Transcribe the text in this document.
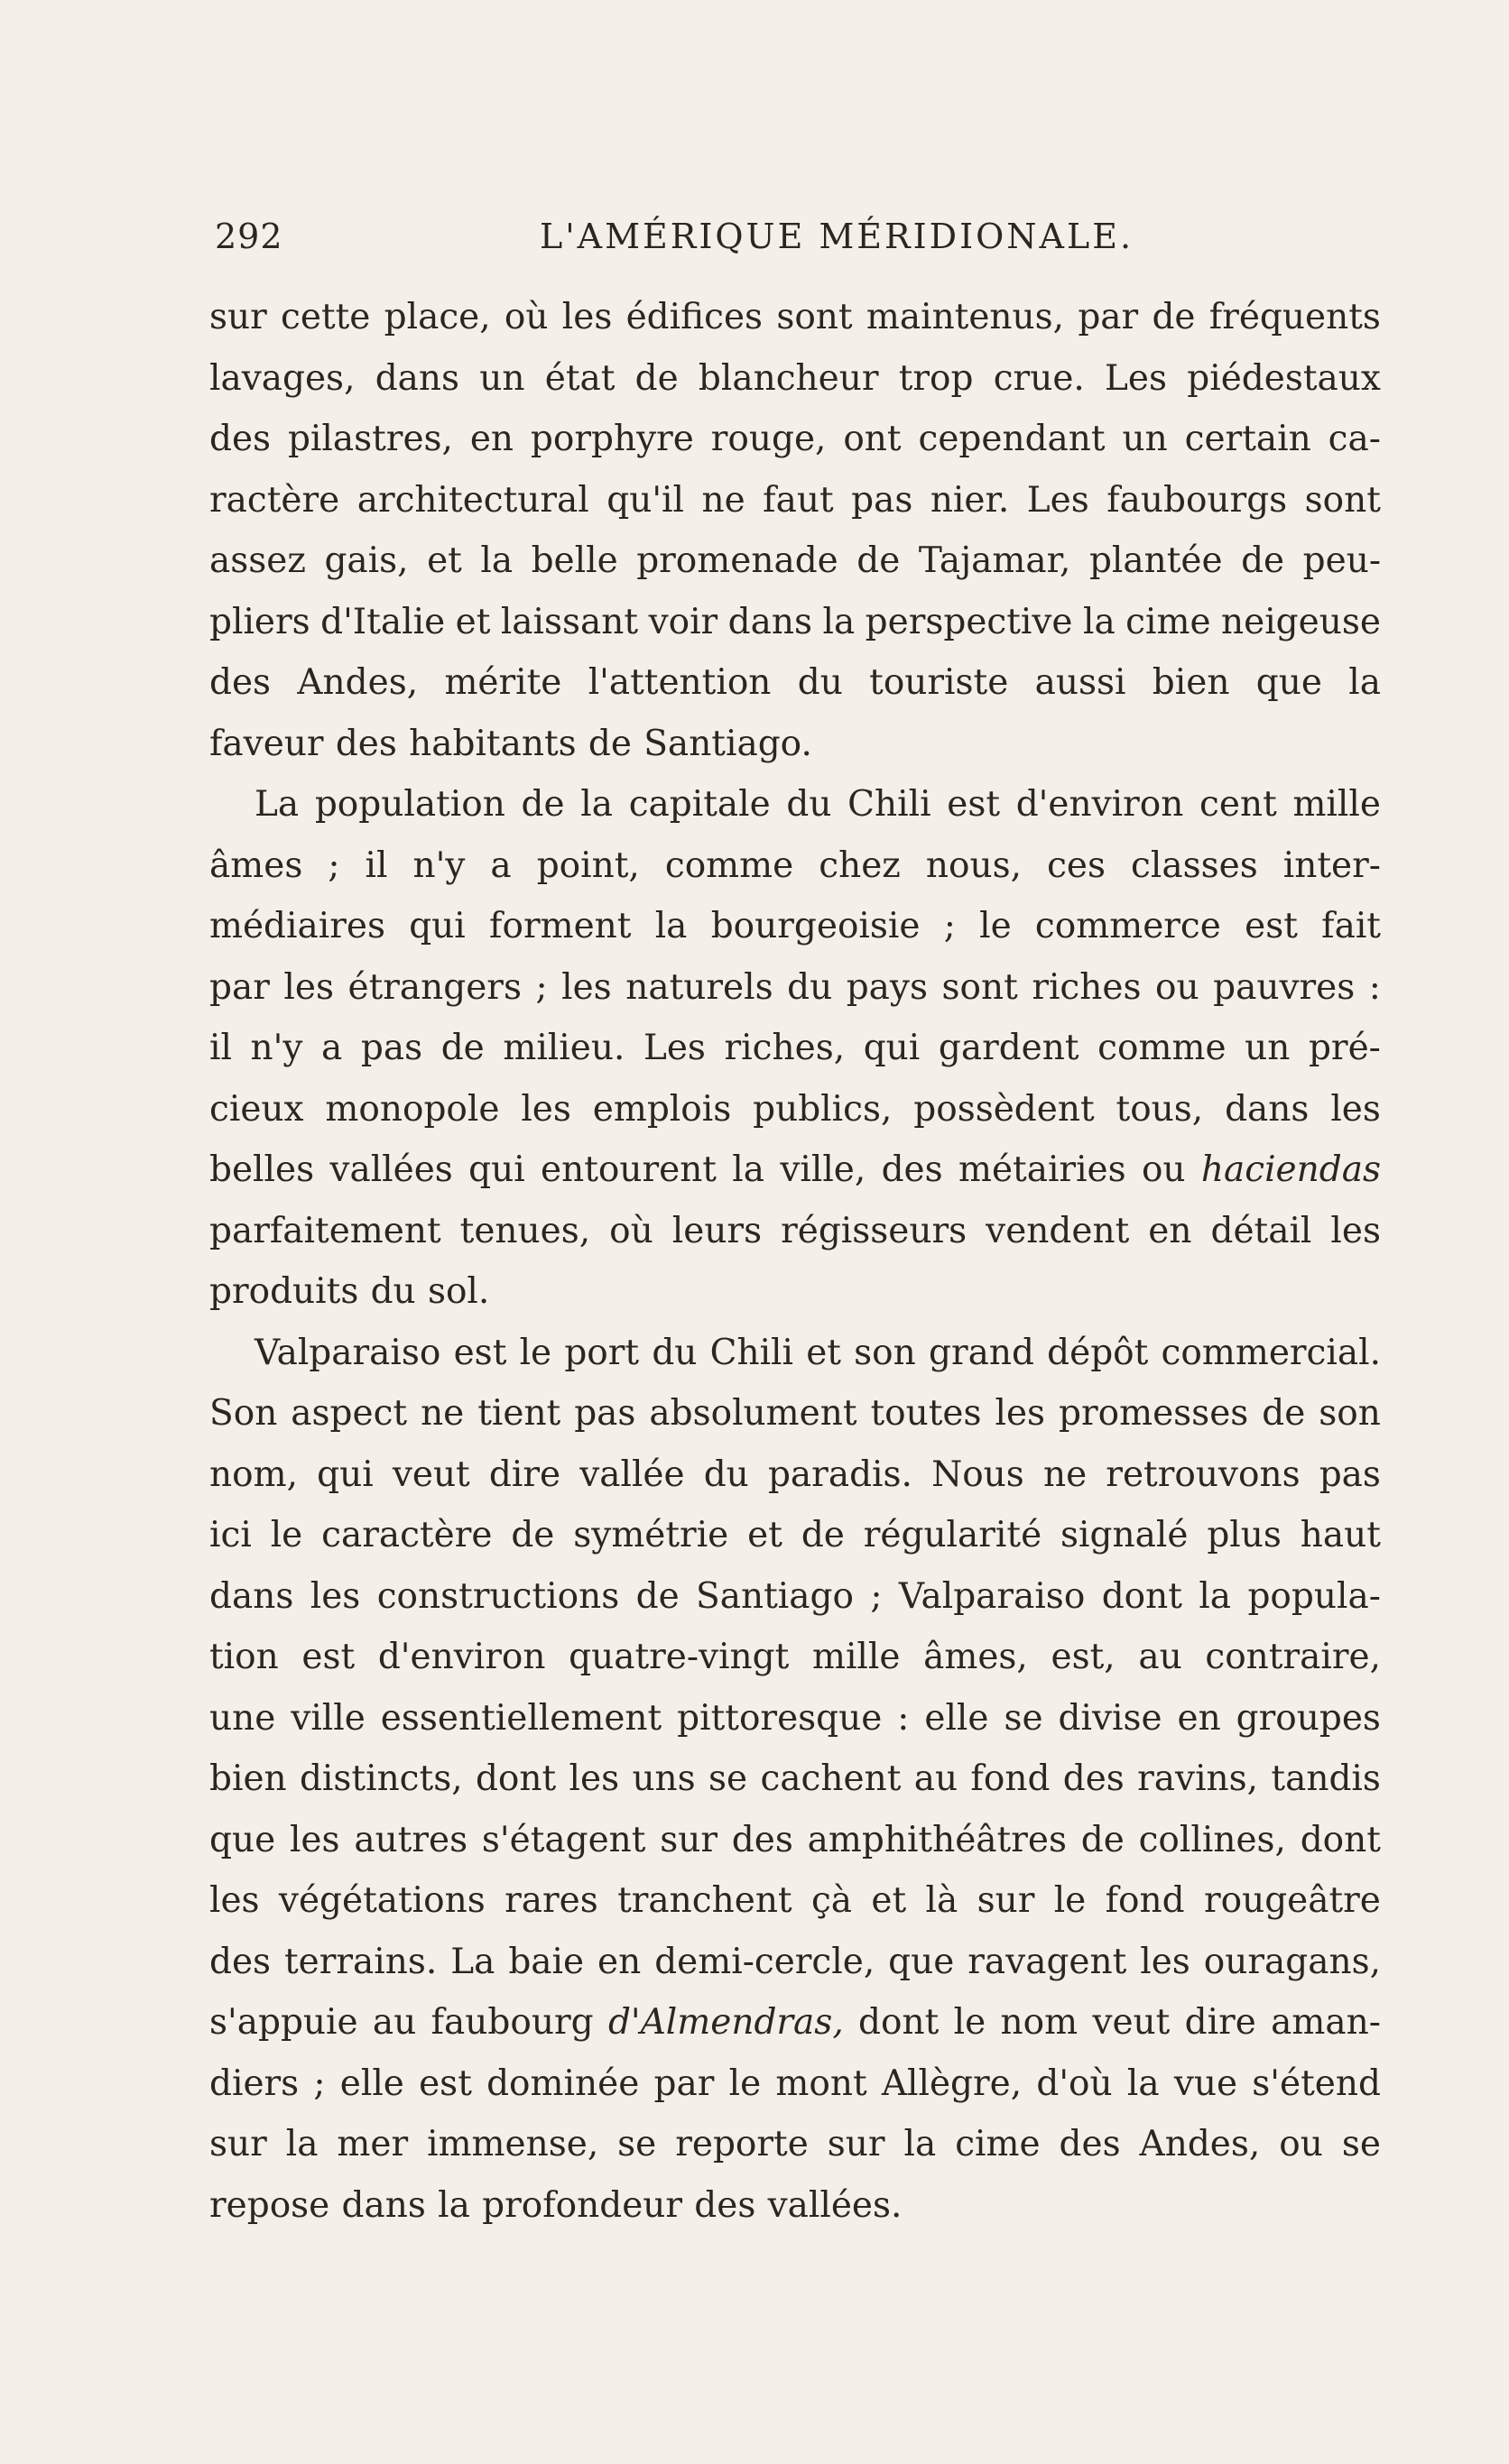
292	L'AMÉRIQUE MÉRIDIONALE.
sur cette place, où les édifices sont maintenus, par de fréquents
lavages, dans un état de blancheur trop crue. Les piédestaux
des pilastres, en porphyre rouge, ont cependant un certain ca-
ractère architectural qu'il ne faut pas nier. Les faubourgs sont
assez gais, et la belle promenade de Tajamar, plantée de peu-
pliers d'Italie et laissant voir dans la perspective la cime neigeuse
des Andes, mérite l'attention du touriste aussi bien que la
faveur des habitants de Santiago.
La population de la capitale du Chili est d'environ cent mille
âmes ; il n'y a point, comme chez nous, ces classes inter-
médiaires qui forment la bourgeoisie ; le commerce est fait
par les étrangers ; les naturels du pays sont riches ou pauvres :
il n'y a pas de milieu. Les riches, qui gardent comme un pré-
cieux monopole les emplois publics, possèdent tous, dans les
belles vallées qui entourent la ville, des métairies ou haciendas
parfaitement tenues, où leurs régisseurs vendent en détail les
produits du sol.
Valparaiso est le port du Chili et son grand dépôt commercial.
Son aspect ne tient pas absolument toutes les promesses de son
nom, qui veut dire vallée du paradis. Nous ne retrouvons pas
ici le caractère de symétrie et de régularité signalé plus haut
dans les constructions de Santiago ; Valparaiso dont la popula-
tion est d'environ quatre-vingt mille âmes, est, au contraire,
une ville essentiellement pittoresque : elle se divise en groupes
bien distincts, dont les uns se cachent au fond des ravins, tandis
que les autres s'étagent sur des amphithéâtres de collines, dont
les végétations rares tranchent çà et là sur le fond rougeâtre
des terrains. La baie en demi-cercle, que ravagent les ouragans,
s'appuie au faubourg d'Almendras, dont le nom veut dire aman-
diers ; elle est dominée par le mont Allègre, d'où la vue s'étend
sur la mer immense, se reporte sur la cime des Andes, ou se
repose dans la profondeur des vallées.
